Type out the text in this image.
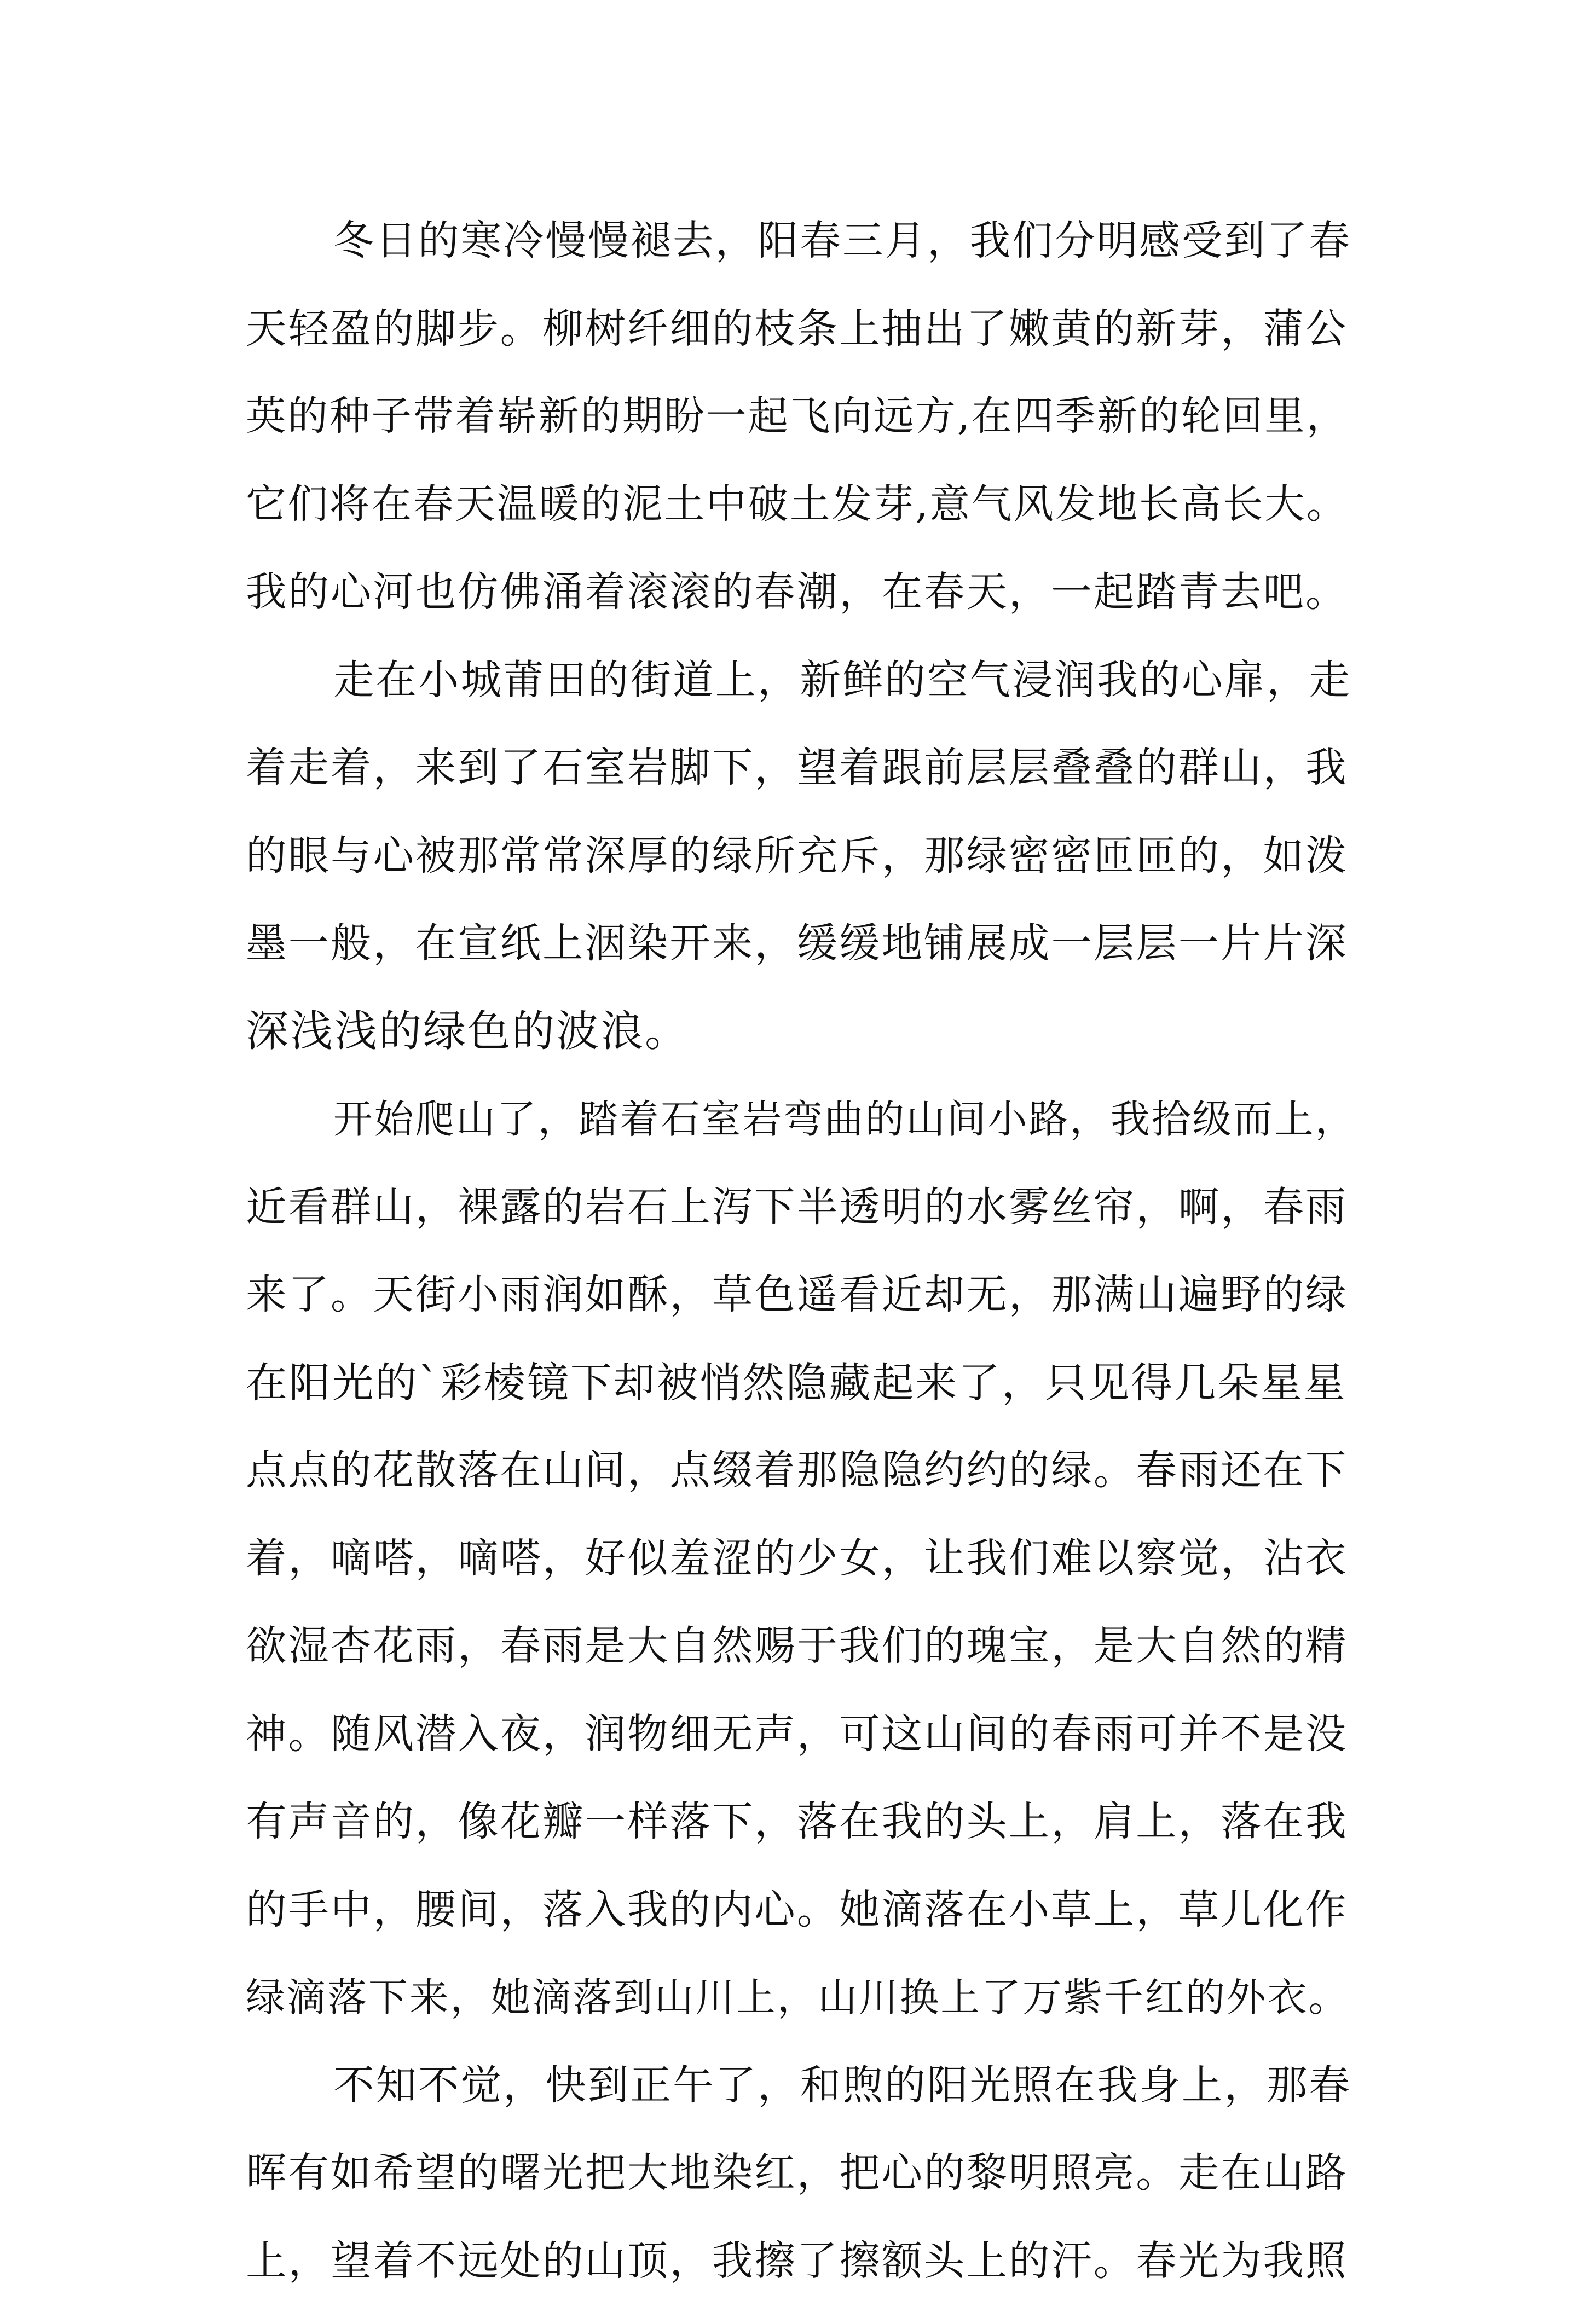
冬日的寒冷慢慢褪去，阳春三月，我们分明感受到了春
天轻盈的脚步。柳树纤细的枝条上抽出了嫩黄的新芽，蒲公
英的种子带着崭新的期盼一起飞向远方,在四季新的轮回里，
它们将在春天温暖的泥土中破土发芽,意气风发地长高长大。
我的心河也仿佛涌着滚滚的春潮，在春天，一起踏青去吧。
走在小城莆田的街道上，新鲜的空气浸润我的心扉，走
着走着，来到了石室岩脚下，望着跟前层层叠叠的群山，我
的眼与心被那常常深厚的绿所充斥，那绿密密匝匝的，如泼
墨一般，在宣纸上洇染开来，缓缓地铺展成一层层一片片深
深浅浅的绿色的波浪。
开始爬山了，踏着石室岩弯曲的山间小路，我拾级而上，
近看群山，裸露的岩石上泻下半透明的水雾丝帘，啊，春雨
来了。天街小雨润如酥，草色遥看近却无，那满山遍野的绿
在阳光的`彩棱镜下却被悄然隐藏起来了，只见得几朵星星
点点的花散落在山间，点缀着那隐隐约约的绿。春雨还在下
着，嘀嗒，嘀嗒，好似羞涩的少女，让我们难以察觉，沾衣
欲湿杏花雨，春雨是大自然赐于我们的瑰宝，是大自然的精
神。随风潜入夜，润物细无声，可这山间的春雨可并不是没
有声音的，像花瓣一样落下，落在我的头上，肩上，落在我
的手中，腰间，落入我的内心。她滴落在小草上，草儿化作
绿滴落下来，她滴落到山川上，山川换上了万紫千红的外衣。
不知不觉，快到正午了，和煦的阳光照在我身上，那春
晖有如希望的曙光把大地染红，把心的黎明照亮。走在山路
上，望着不远处的山顶，我擦了擦额头上的汗。春光为我照
